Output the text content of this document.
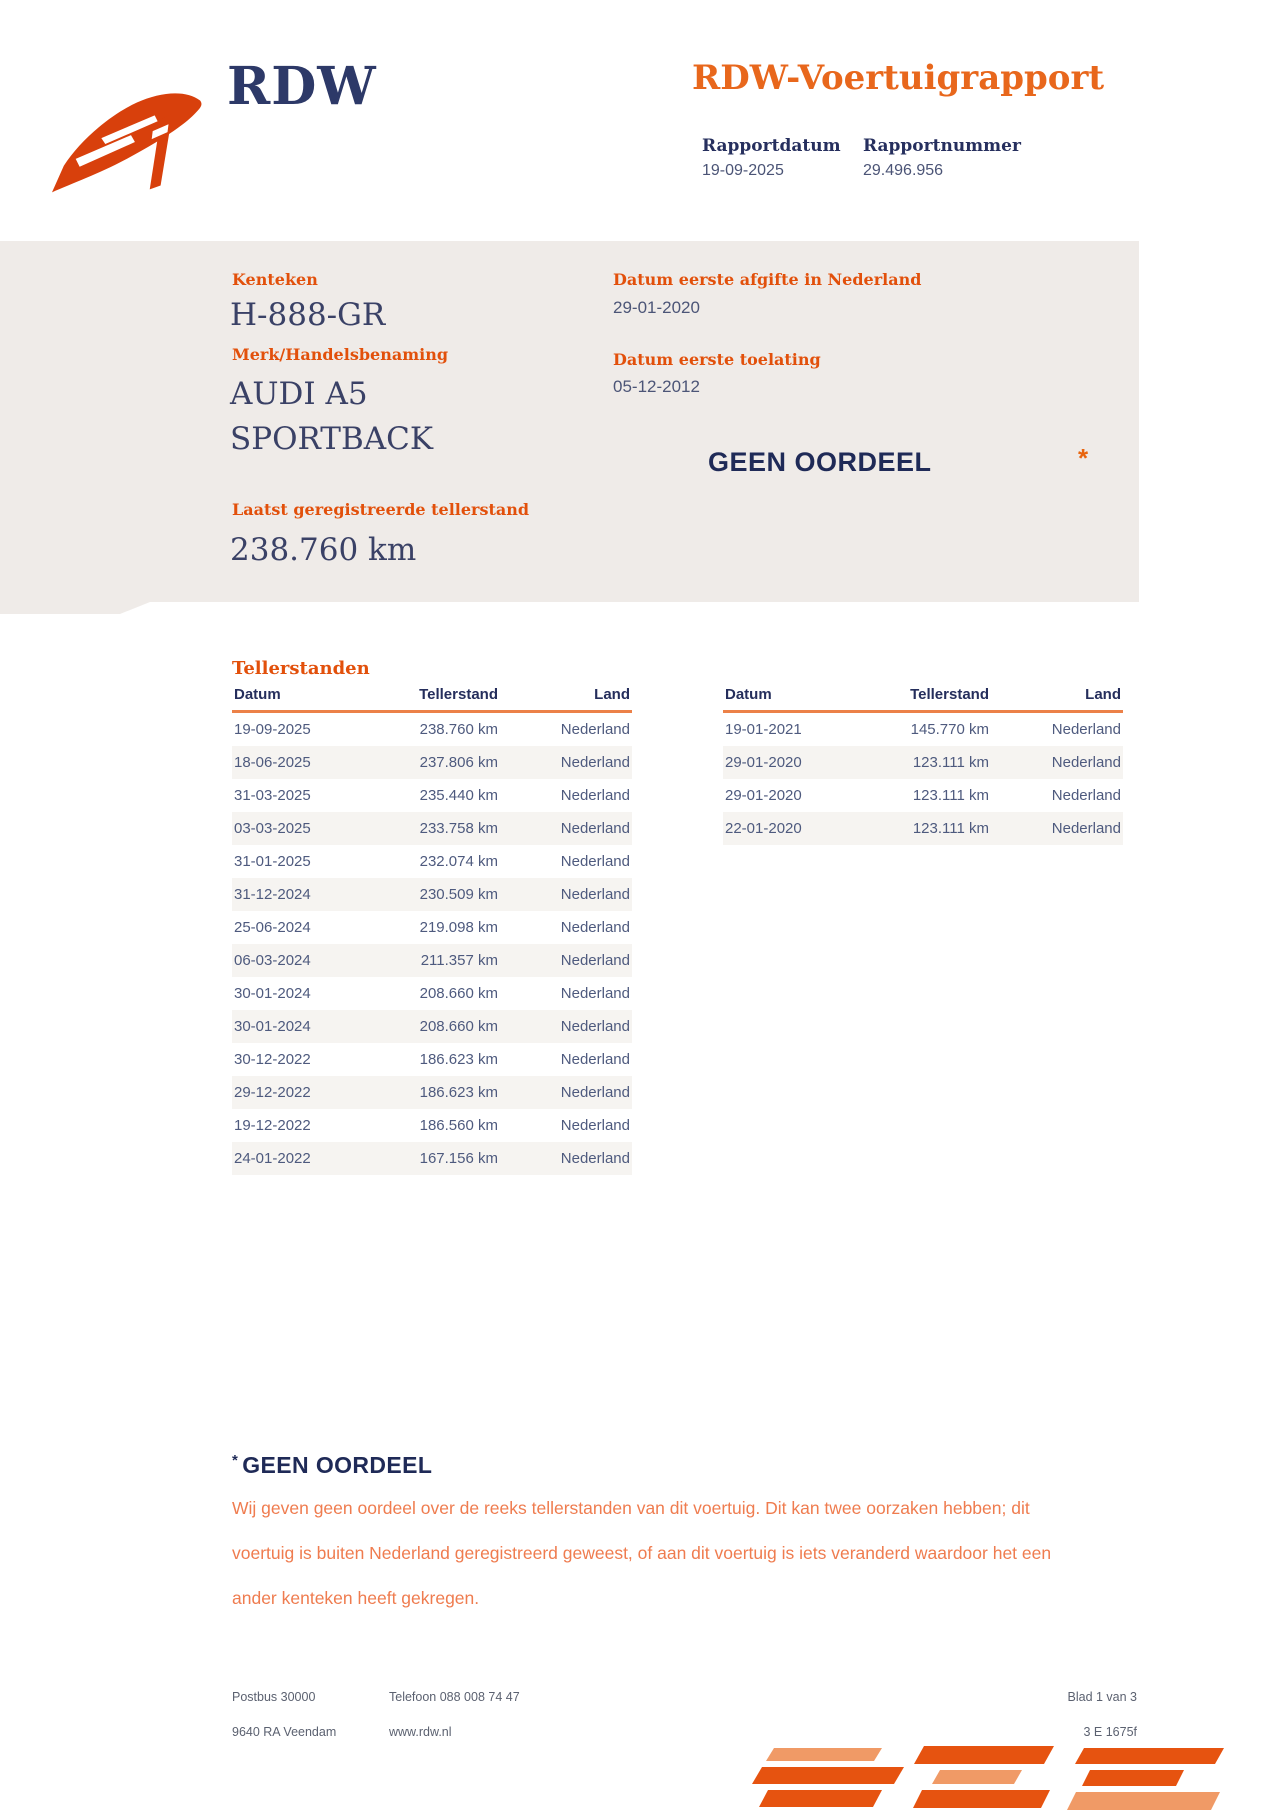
RDW	RDW-Voertuigrapport
Rapportdatum
19-09-2025
Rapportnummer
29.496.956
Kenteken
H-888-GR
Merk/Handelsbenaming
AUDI A5
SPORTBACK
Laatst geregistreerde tellerstand
238.760 km
Datum eerste afgifte in Nederland
29-01-2020
Datum eerste toelating
05-12-2012
GEEN OORDEEL	*
Tellerstanden
Datum	Tellerstand	Land
19-09-2025	238.760 km	Nederland
18-06-2025	237.806 km	Nederland
31-03-2025	235.440 km	Nederland
03-03-2025	233.758 km	Nederland
31-01-2025	232.074 km	Nederland
31-12-2024	230.509 km	Nederland
25-06-2024	219.098 km	Nederland
06-03-2024	211.357 km	Nederland
30-01-2024	208.660 km	Nederland
30-01-2024	208.660 km	Nederland
30-12-2022	186.623 km	Nederland
29-12-2022	186.623 km	Nederland
19-12-2022	186.560 km	Nederland
24-01-2022	167.156 km	Nederland
Datum	Tellerstand	Land
19-01-2021	145.770 km	Nederland
29-01-2020	123.111 km	Nederland
29-01-2020	123.111 km	Nederland
22-01-2020	123.111 km	Nederland
* GEEN OORDEEL
Wij geven geen oordeel over de reeks tellerstanden van dit voertuig. Dit kan twee oorzaken hebben; dit voertuig is buiten Nederland geregistreerd geweest, of aan dit voertuig is iets veranderd waardoor het een ander kenteken heeft gekregen.
Postbus 30000
9640 RA Veendam
Telefoon 088 008 74 47
www.rdw.nl
Blad 1 van 3
3 E 1675f
